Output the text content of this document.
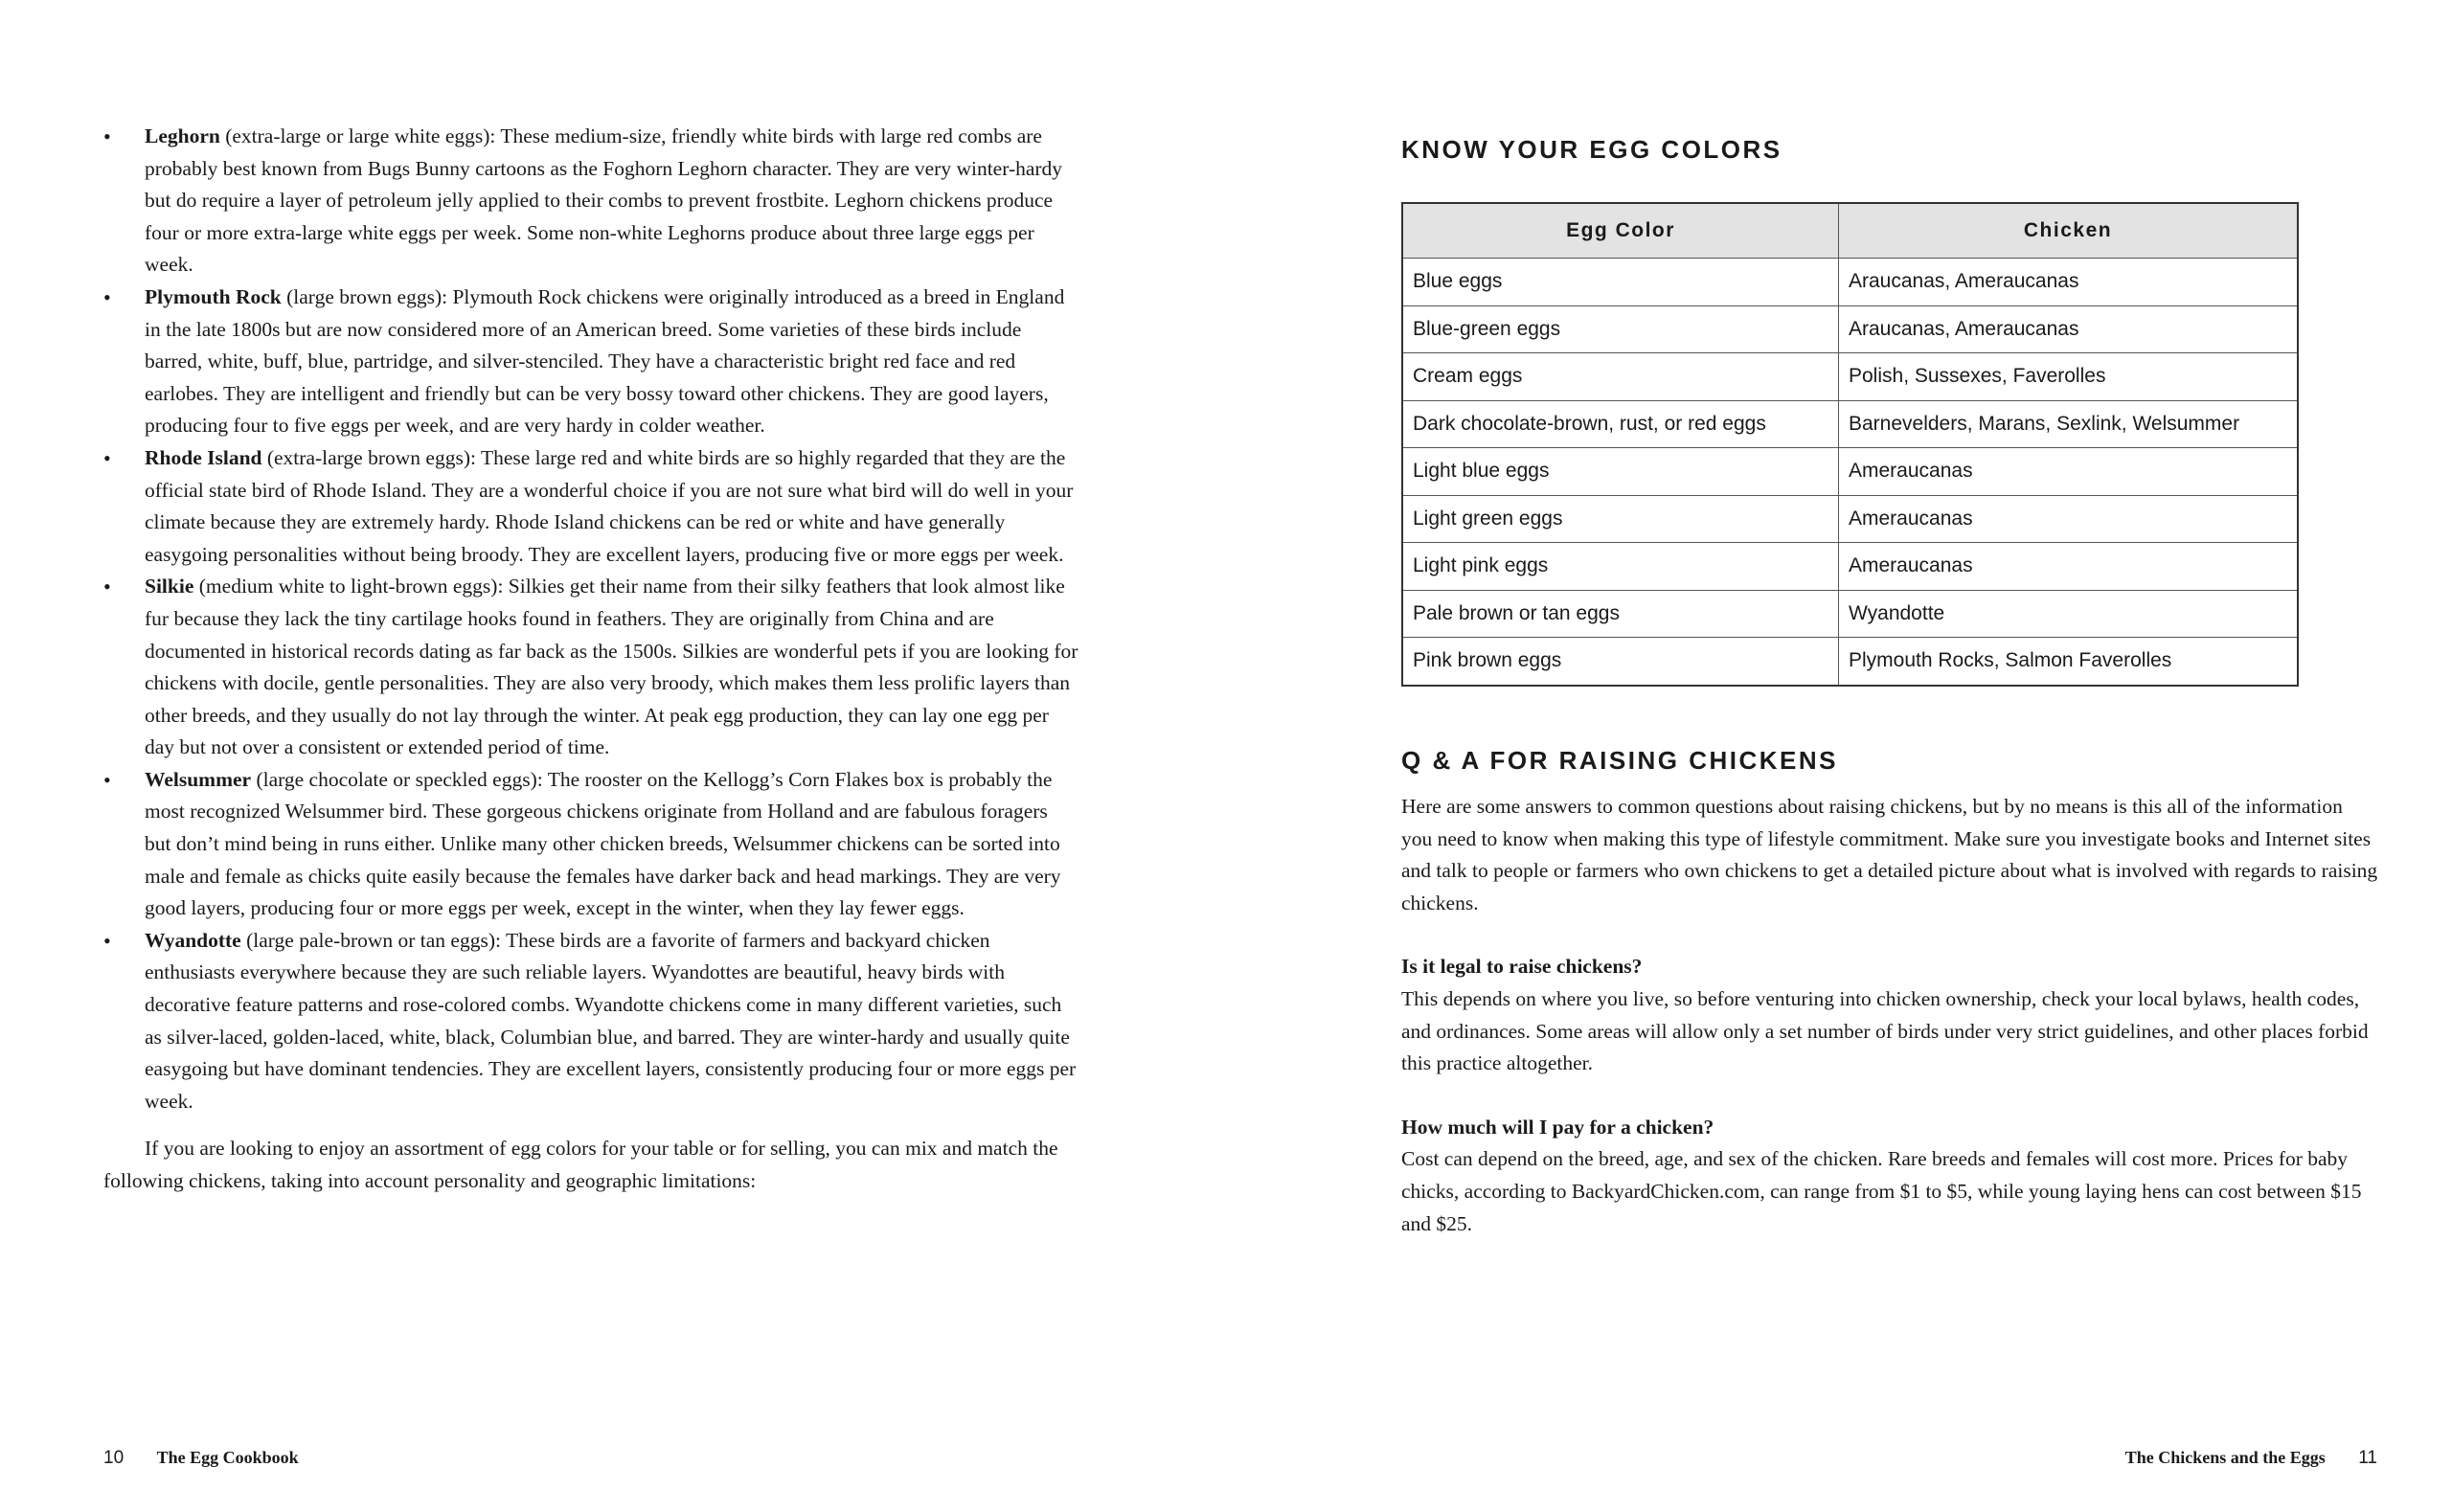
• Leghorn (extra-large or large white eggs): These medium-size, friendly white birds with large red combs are probably best known from Bugs Bunny cartoons as the Foghorn Leghorn character. They are very winter-hardy but do require a layer of petroleum jelly applied to their combs to prevent frostbite. Leghorn chickens produce four or more extra-large white eggs per week. Some non-white Leghorns produce about three large eggs per week.
• Plymouth Rock (large brown eggs): Plymouth Rock chickens were originally introduced as a breed in England in the late 1800s but are now considered more of an American breed. Some varieties of these birds include barred, white, buff, blue, partridge, and silver-stenciled. They have a characteristic bright red face and red earlobes. They are intelligent and friendly but can be very bossy toward other chickens. They are good layers, producing four to five eggs per week, and are very hardy in colder weather.
• Rhode Island (extra-large brown eggs): These large red and white birds are so highly regarded that they are the official state bird of Rhode Island. They are a wonderful choice if you are not sure what bird will do well in your climate because they are extremely hardy. Rhode Island chickens can be red or white and have generally easygoing personalities without being broody. They are excellent layers, producing five or more eggs per week.
• Silkie (medium white to light-brown eggs): Silkies get their name from their silky feathers that look almost like fur because they lack the tiny cartilage hooks found in feathers. They are originally from China and are documented in historical records dating as far back as the 1500s. Silkies are wonderful pets if you are looking for chickens with docile, gentle personalities. They are also very broody, which makes them less prolific layers than other breeds, and they usually do not lay through the winter. At peak egg production, they can lay one egg per day but not over a consistent or extended period of time.
• Welsummer (large chocolate or speckled eggs): The rooster on the Kellogg’s Corn Flakes box is probably the most recognized Welsummer bird. These gorgeous chickens originate from Holland and are fabulous foragers but don’t mind being in runs either. Unlike many other chicken breeds, Welsummer chickens can be sorted into male and female as chicks quite easily because the females have darker back and head markings. They are very good layers, producing four or more eggs per week, except in the winter, when they lay fewer eggs.
• Wyandotte (large pale-brown or tan eggs): These birds are a favorite of farmers and backyard chicken enthusiasts everywhere because they are such reliable layers. Wyandottes are beautiful, heavy birds with decorative feature patterns and rose-colored combs. Wyandotte chickens come in many different varieties, such as silver-laced, golden-laced, white, black, Columbian blue, and barred. They are winter-hardy and usually quite easygoing but have dominant tendencies. They are excellent layers, consistently producing four or more eggs per week.

If you are looking to enjoy an assortment of egg colors for your table or for selling, you can mix and match the following chickens, taking into account personality and geographic limitations:

KNOW YOUR EGG COLORS
Egg Color	Chicken
Blue eggs	Araucanas, Ameraucanas
Blue-green eggs	Araucanas, Ameraucanas
Cream eggs	Polish, Sussexes, Faverolles
Dark chocolate-brown, rust, or red eggs	Barnevelders, Marans, Sexlink, Welsummer
Light blue eggs	Ameraucanas
Light green eggs	Ameraucanas
Light pink eggs	Ameraucanas
Pale brown or tan eggs	Wyandotte
Pink brown eggs	Plymouth Rocks, Salmon Faverolles
Q & A FOR RAISING CHICKENS

Here are some answers to common questions about raising chickens, but by no means is this all of the information you need to know when making this type of lifestyle commitment. Make sure you investigate books and Internet sites and talk to people or farmers who own chickens to get a detailed picture about what is involved with regards to raising chickens.

Is it legal to raise chickens?

This depends on where you live, so before venturing into chicken ownership, check your local bylaws, health codes, and ordinances. Some areas will allow only a set number of birds under very strict guidelines, and other places forbid this practice altogether.

How much will I pay for a chicken?

Cost can depend on the breed, age, and sex of the chicken. Rare breeds and females will cost more. Prices for baby chicks, according to BackyardChicken.com, can range from $1 to $5, while young laying hens can cost between $15 and $25.

10 The Egg Cookbook	The Chickens and the Eggs 11
